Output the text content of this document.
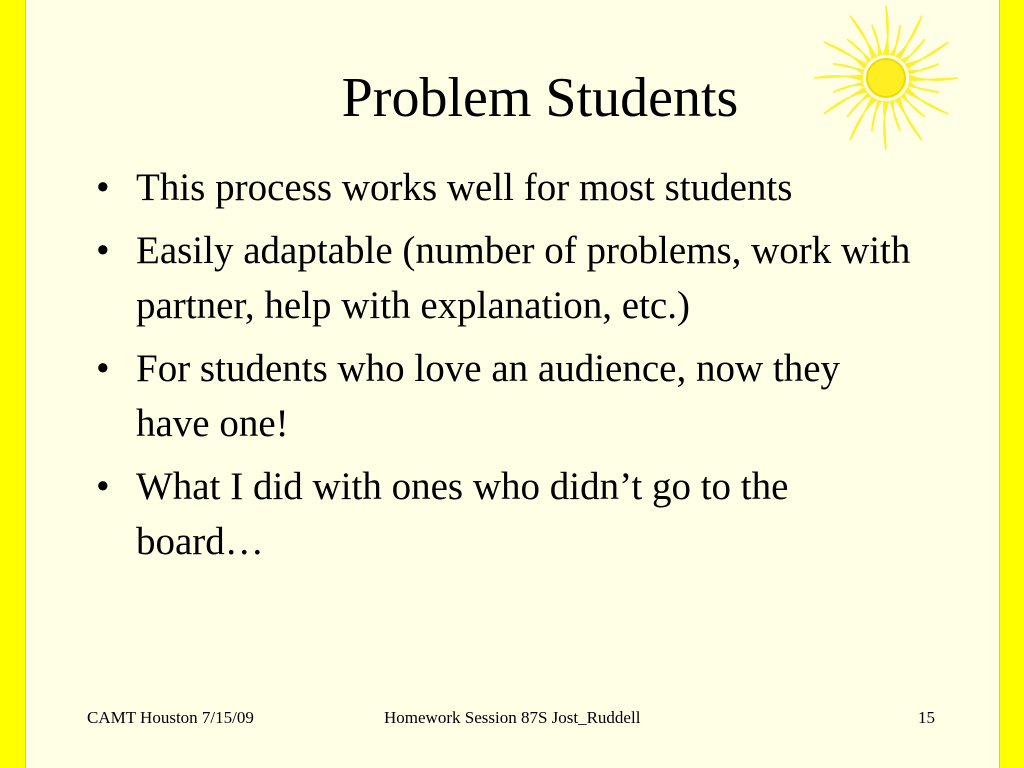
Problem Students
• This process works well for most students
• Easily adaptable (number of problems, work with partner, help with explanation, etc.)
• For students who love an audience, now they have one!
• What I did with ones who didn’t go to the board…
CAMT Houston 7/15/09	Homework Session 87S Jost_Ruddell	15
